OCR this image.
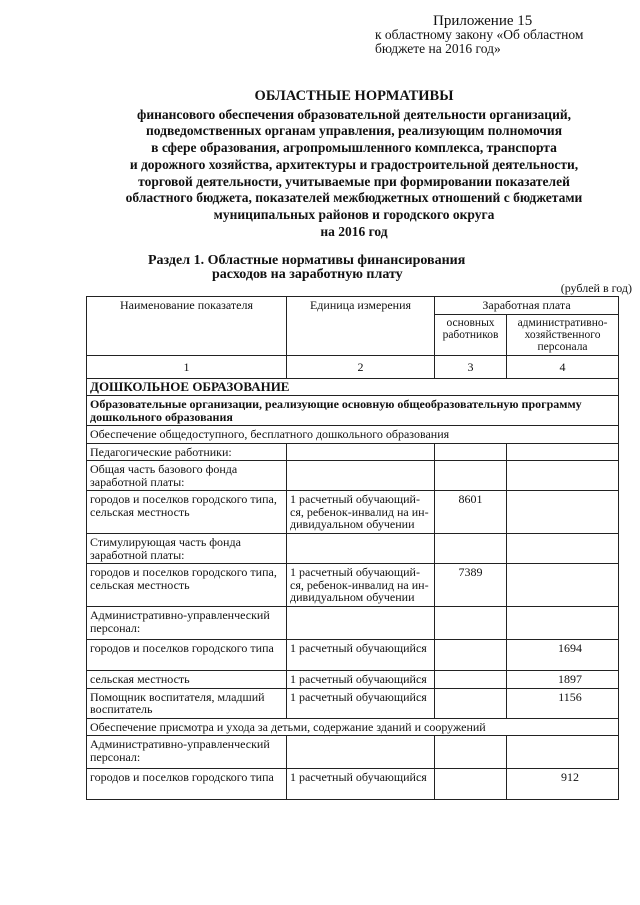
Приложение 15
к областному закону «Об областном
бюджете на 2016 год»
ОБЛАСТНЫЕ НОРМАТИВЫ
финансового обеспечения образовательной деятельности организаций,
подведомственных органам управления, реализующим полномочия
в сфере образования, агропромышленного комплекса, транспорта
и дорожного хозяйства, архитектуры и градостроительной деятельности,
торговой деятельности, учитываемые при формировании показателей
областного бюджета, показателей межбюджетных отношений с бюджетами
муниципальных районов и городского округа
на 2016 год
Раздел 1. Областные нормативы финансирования
расходов на заработную плату
(рублей в год)
Наименование показателя	Единица измерения	Заработная плата	
		основных работников	административно-хозяйственного персонала
1	2	3	4
ДОШКОЛЬНОЕ ОБРАЗОВАНИЕ			
Образовательные организации, реализующие основную общеобразовательную программу дошкольного образования			
Обеспечение общедоступного, бесплатного дошкольного образования			
Педагогические работники:			
Общая часть базового фонда заработной платы:			
городов и поселков городского типа, сельская местность	1 расчетный обучающий-ся, ребенок-инвалид на ин-дивидуальном обучении	8601	
Стимулирующая часть фонда заработной платы:			
городов и поселков городского типа, сельская местность	1 расчетный обучающий-ся, ребенок-инвалид на ин-дивидуальном обучении	7389	
Административно-управленческий персонал:			
городов и поселков городского типа	1 расчетный обучающийся		1694
сельская местность	1 расчетный обучающийся		1897
Помощник воспитателя, младший воспитатель	1 расчетный обучающийся		1156
Обеспечение присмотра и ухода за детьми, содержание зданий и сооружений			
Административно-управленческий персонал:			
городов и поселков городского типа	1 расчетный обучающийся		912
